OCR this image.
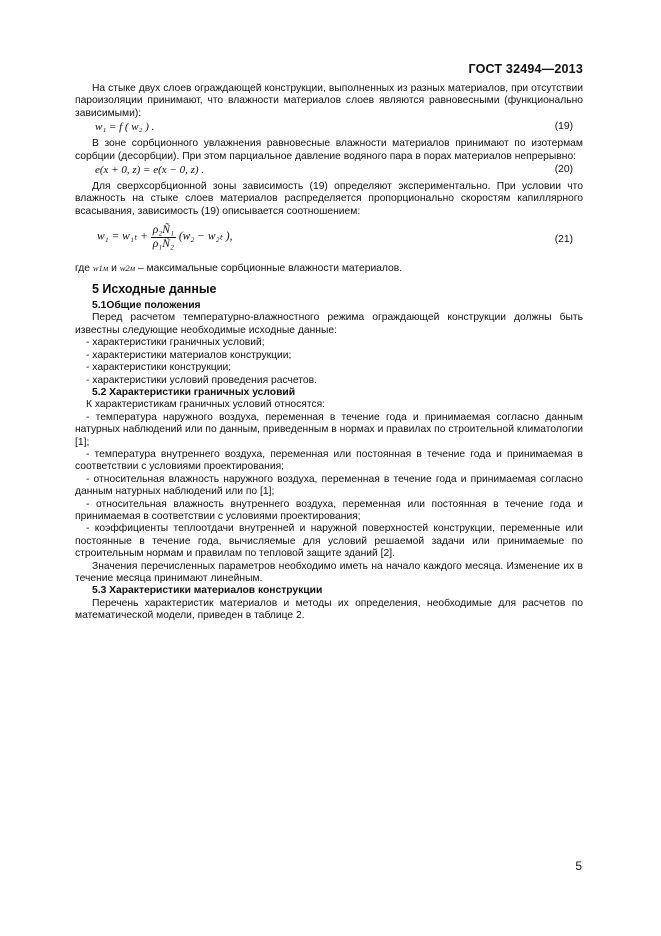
ГОСТ 32494—2013

На стыке двух слоев ограждающей конструкции, выполненных из разных материалов, при отсутствии пароизоляции принимают, что влажности материалов слоев являются равновесными (функционально зависимыми):

w₁ = f ( w₂ ) .	(19)

В зоне сорбционного увлажнения равновесные влажности материалов принимают по изотермам сорбции (десорбции). При этом парциальное давление водяного пара в порах материалов непрерывно:

e(x + 0, z) = e(x − 0, z) .	(20)

Для сверхсорбционной зоны зависимость (19) определяют экспериментально. При условии что влажность на стыке слоев материалов распределяется пропорционально скоростям капиллярного всасывания, зависимость (19) описывается соотношением:

$w_1 = w_{1t} + \frac{\text{ρ₂Ñ₁}}{\text{ρ₁Ñ₂}} (w_2 - w_{2t}$ ),	(21)

где w1м и w2м – максимальные сорбционные влажности материалов.

5 Исходные данные

5.1Общие положения

Перед расчетом температурно-влажностного режима ограждающей конструкции должны быть известны следующие необходимые исходные данные:

- характеристики граничных условий;

- характеристики материалов конструкции;

- характеристики конструкции;

- характеристики условий проведения расчетов.

5.2 Характеристики граничных условий

К характеристикам граничных условий относятся:

- температура наружного воздуха, переменная в течение года и принимаемая согласно данным натурных наблюдений или по данным, приведенным в нормах и правилах по строительной климатологии [1];

- температура внутреннего воздуха, переменная или постоянная в течение года и принимаемая в соответствии с условиями проектирования;

- относительная влажность наружного воздуха, переменная в течение года и принимаемая согласно данным натурных наблюдений или по [1];

- относительная влажность внутреннего воздуха, переменная или постоянная в течение года и принимаемая в соответствии с условиями проектирования;

- коэффициенты теплоотдачи внутренней и наружной поверхностей конструкции, переменные или постоянные в течение года, вычисляемые для условий решаемой задачи или принимаемые по строительным нормам и правилам по тепловой защите зданий [2].

Значения перечисленных параметров необходимо иметь на начало каждого месяца. Изменение их в течение месяца принимают линейным.

5.3 Характеристики материалов конструкции

Перечень характеристик материалов и методы их определения, необходимые для расчетов по математической модели, приведен в таблице 2.

5
